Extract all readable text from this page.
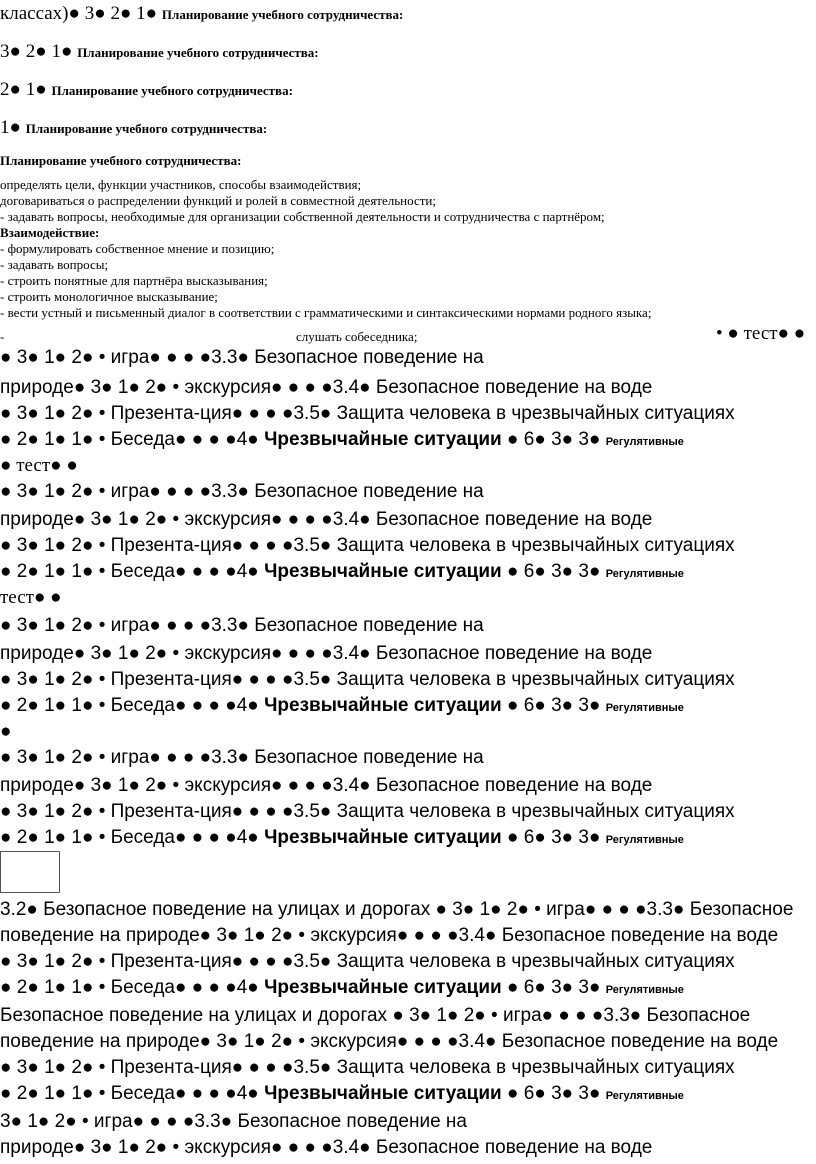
классах)● 3● 2● 1● Планирование учебного сотрудничества:
3● 2● 1● Планирование учебного сотрудничества:
2● 1● Планирование учебного сотрудничества:
1● Планирование учебного сотрудничества:
Планирование учебного сотрудничества:
определять цели, функции участников, способы взаимодействия;
договариваться о распределении функций и ролей в совместной деятельности;
- задавать вопросы, необходимые для организации собственной деятельности и сотрудничества с партнёром;
Взаимодействие:
- формулировать собственное мнение и позицию;
- задавать вопросы;
- строить понятные для партнёра высказывания;
- строить монологичное высказывание;
- вести устный и письменный диалог в соответствии с грамматическими и синтаксическими нормами родного языка;
-	слушать собеседника;	• ● тест● ●
● 3● 1● 2● • игра● ● ● ●3.3● Безопасное поведение на
природе● 3● 1● 2● • экскурсия● ● ● ●3.4● Безопасное поведение на воде
● 3● 1● 2● • Презента-ция● ● ● ●3.5● Защита человека в чрезвычайных ситуациях
● 2● 1● 1● • Беседа● ● ● ●4● Чрезвычайные ситуации ● 6● 3● 3● Регулятивные
● тест● ●
● 3● 1● 2● • игра● ● ● ●3.3● Безопасное поведение на
природе● 3● 1● 2● • экскурсия● ● ● ●3.4● Безопасное поведение на воде
● 3● 1● 2● • Презента-ция● ● ● ●3.5● Защита человека в чрезвычайных ситуациях
● 2● 1● 1● • Беседа● ● ● ●4● Чрезвычайные ситуации ● 6● 3● 3● Регулятивные
тест● ●
● 3● 1● 2● • игра● ● ● ●3.3● Безопасное поведение на
природе● 3● 1● 2● • экскурсия● ● ● ●3.4● Безопасное поведение на воде
● 3● 1● 2● • Презента-ция● ● ● ●3.5● Защита человека в чрезвычайных ситуациях
● 2● 1● 1● • Беседа● ● ● ●4● Чрезвычайные ситуации ● 6● 3● 3● Регулятивные
●
● 3● 1● 2● • игра● ● ● ●3.3● Безопасное поведение на
природе● 3● 1● 2● • экскурсия● ● ● ●3.4● Безопасное поведение на воде
● 3● 1● 2● • Презента-ция● ● ● ●3.5● Защита человека в чрезвычайных ситуациях
● 2● 1● 1● • Беседа● ● ● ●4● Чрезвычайные ситуации ● 6● 3● 3● Регулятивные
3.2● Безопасное поведение на улицах и дорогах ● 3● 1● 2● • игра● ● ● ●3.3● Безопасное
поведение на природе● 3● 1● 2● • экскурсия● ● ● ●3.4● Безопасное поведение на воде
● 3● 1● 2● • Презента-ция● ● ● ●3.5● Защита человека в чрезвычайных ситуациях
● 2● 1● 1● • Беседа● ● ● ●4● Чрезвычайные ситуации ● 6● 3● 3● Регулятивные
Безопасное поведение на улицах и дорогах ● 3● 1● 2● • игра● ● ● ●3.3● Безопасное
поведение на природе● 3● 1● 2● • экскурсия● ● ● ●3.4● Безопасное поведение на воде
● 3● 1● 2● • Презента-ция● ● ● ●3.5● Защита человека в чрезвычайных ситуациях
● 2● 1● 1● • Беседа● ● ● ●4● Чрезвычайные ситуации ● 6● 3● 3● Регулятивные
3● 1● 2● • игра● ● ● ●3.3● Безопасное поведение на
природе● 3● 1● 2● • экскурсия● ● ● ●3.4● Безопасное поведение на воде
